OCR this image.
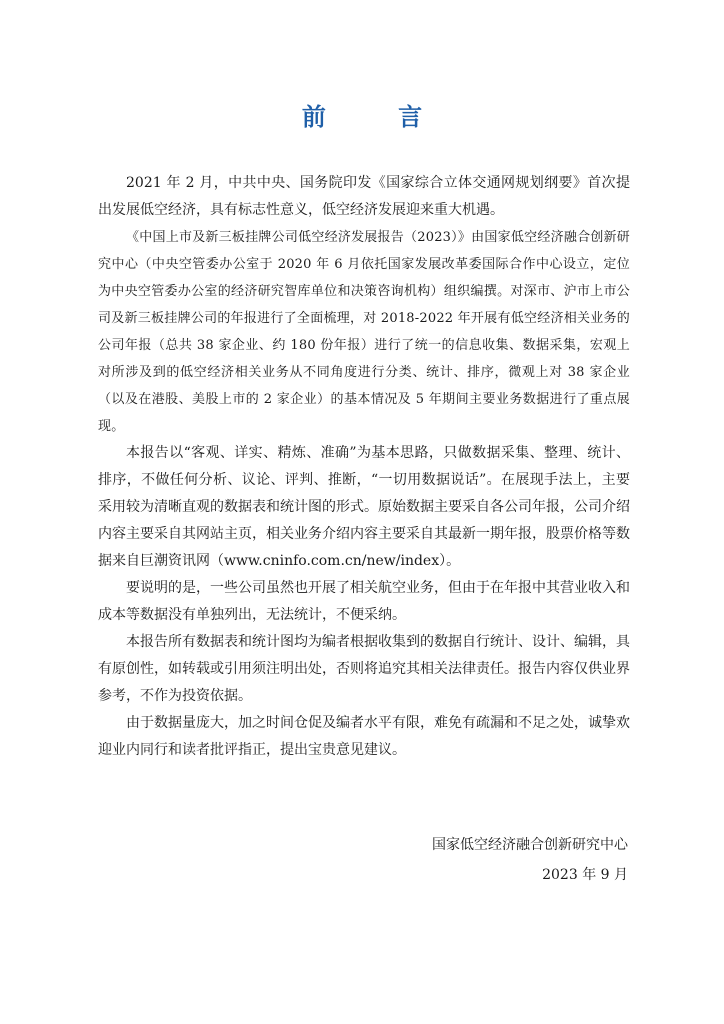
前 言

2021 年 2 月，中共中央、国务院印发《国家综合立体交通网规划纲要》首次提出发展低空经济，具有标志性意义，低空经济发展迎来重大机遇。

《中国上市及新三板挂牌公司低空经济发展报告（2023）》由国家低空经济融合创新研究中心（中央空管委办公室于 2020 年 6 月依托国家发展改革委国际合作中心设立，定位为中央空管委办公室的经济研究智库单位和决策咨询机构）组织编撰。对深市、沪市上市公司及新三板挂牌公司的年报进行了全面梳理，对 2018-2022 年开展有低空经济相关业务的公司年报（总共 38 家企业、约 180 份年报）进行了统一的信息收集、数据采集，宏观上对所涉及到的低空经济相关业务从不同角度进行分类、统计、排序，微观上对 38 家企业（以及在港股、美股上市的 2 家企业）的基本情况及 5 年期间主要业务数据进行了重点展现。

本报告以“客观、详实、精炼、准确”为基本思路，只做数据采集、整理、统计、排序，不做任何分析、议论、评判、推断，“一切用数据说话”。在展现手法上，主要采用较为清晰直观的数据表和统计图的形式。原始数据主要采自各公司年报，公司介绍内容主要采自其网站主页，相关业务介绍内容主要采自其最新一期年报，股票价格等数据来自巨潮资讯网（www.cninfo.com.cn/new/index）。

要说明的是，一些公司虽然也开展了相关航空业务，但由于在年报中其营业收入和成本等数据没有单独列出，无法统计，不便采纳。

本报告所有数据表和统计图均为编者根据收集到的数据自行统计、设计、编辑，具有原创性，如转载或引用须注明出处，否则将追究其相关法律责任。报告内容仅供业界参考，不作为投资依据。

由于数据量庞大，加之时间仓促及编者水平有限，难免有疏漏和不足之处，诚挚欢迎业内同行和读者批评指正，提出宝贵意见建议。

国家低空经济融合创新研究中心
2023 年 9 月
